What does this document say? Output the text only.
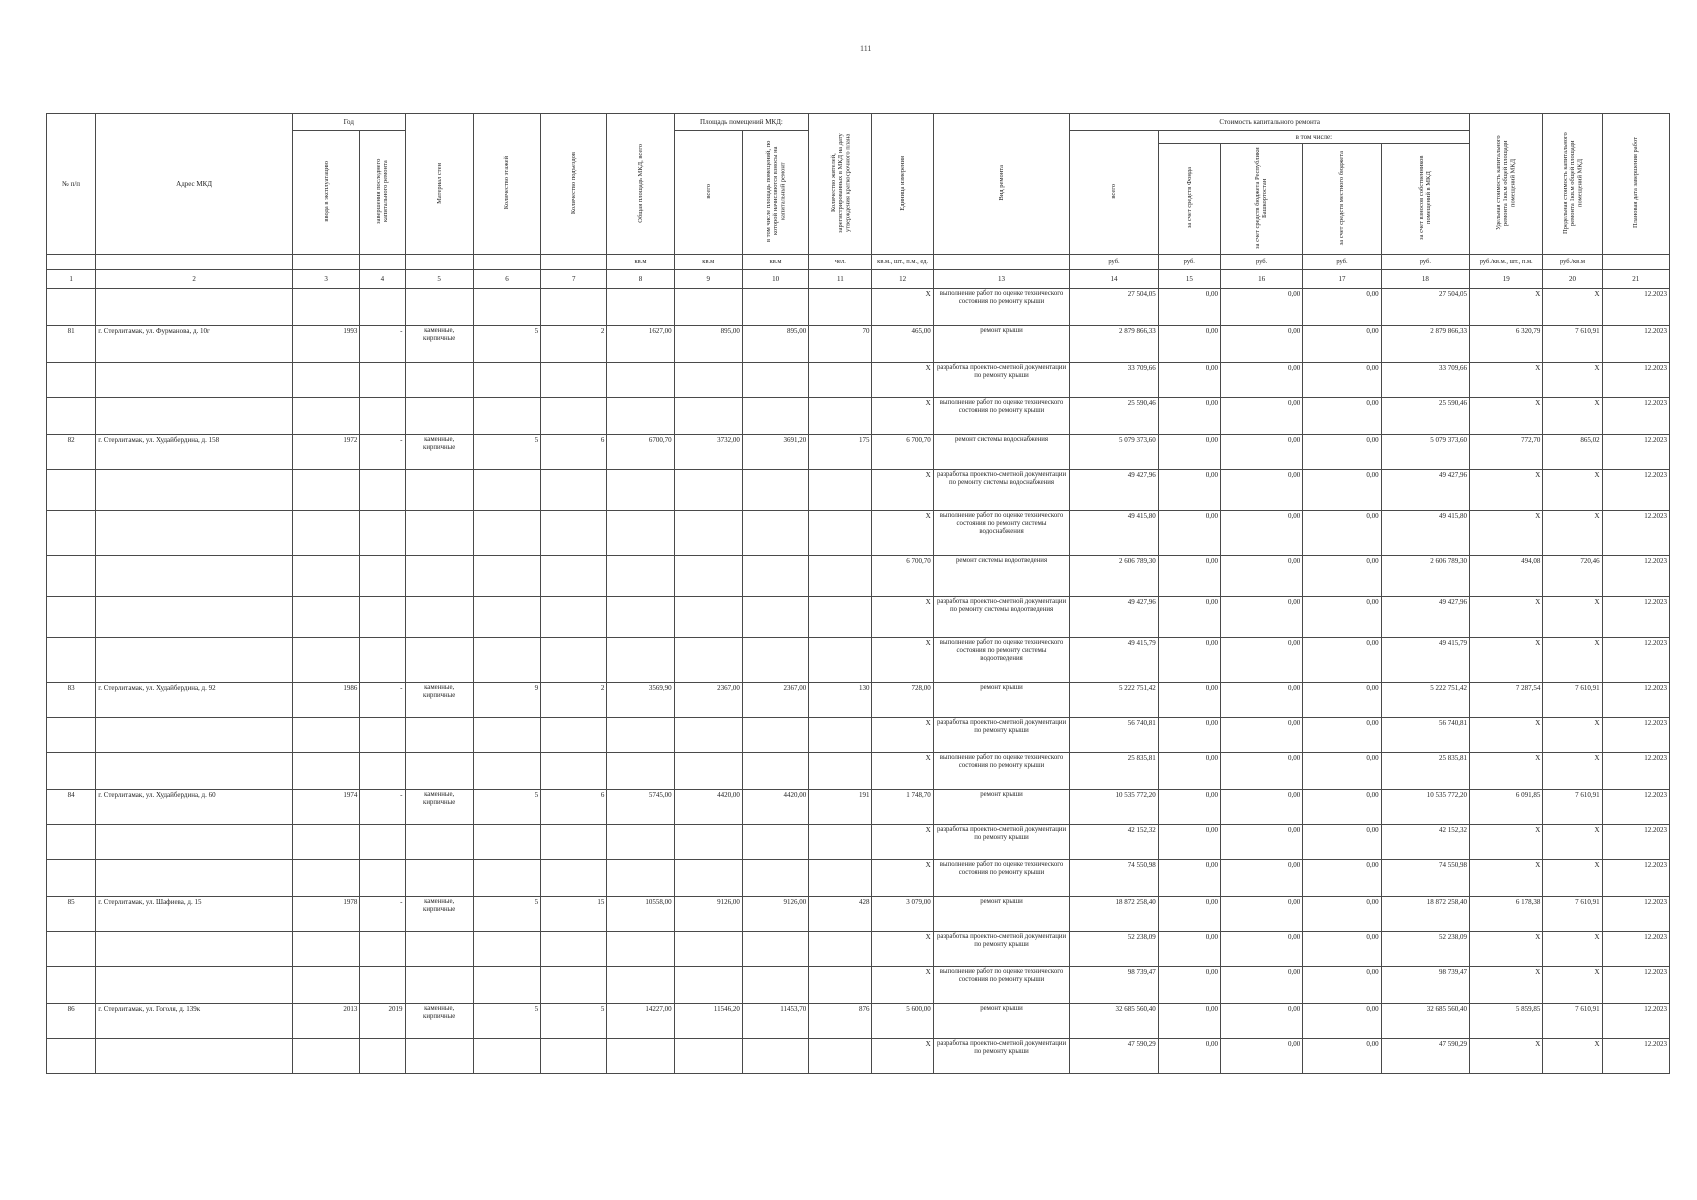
111
№ п/п	Адрес МКД	Год		Материал стен	Количество этажей	Количество подъездов	Общая площадь МКД, всего	Площадь помещений МКД:		Количество жителей, зарегистрированных в МКД на дату утверждения краткосрочного плана	Единица измерения	Вид ремонта	Стоимость капитального ремонта					Удельная стоимость капитального ремонта 1кв.м общей площади помещений МКД	Предельная стоимость капитального ремонта 1кв.м общей площади помещений МКД	Плановая дата завершения работ
		ввода в эксплуатацию	завершения последнего капитального ремонта					всего	в том числе площадь помещений, по которой начисляются взносы на капитальный ремонт				всего	в том числе:						
														за счет средств Фонда	за счет средств бюджета Республики Башкортостан	за счет средств местного бюджета	за счет взносов собственников помещений в МКД			
							кв.м	кв.м	кв.м	чел.	кв.м., шт., п.м., ед.		руб.	руб.	руб.	руб.	руб.	руб./кв.м., шт., п.м.	руб./кв.м	
1	2	3	4	5	6	7	8	9	10	11	12	13	14	15	16	17	18	19	20	21
											X	выполнение работ по оценке технического состояния по ремонту крыши	27 504,05	0,00	0,00	0,00	27 504,05	X	X	12.2023
81	г. Стерлитамак, ул. Фурманова, д. 10г	1993	-	каменные, кирпичные	5	2	1627,00	895,00	895,00	70	465,00	ремонт крыши	2 879 866,33	0,00	0,00	0,00	2 879 866,33	6 320,79	7 610,91	12.2023
											X	разработка проектно-сметной документации по ремонту крыши	33 709,66	0,00	0,00	0,00	33 709,66	X	X	12.2023
											X	выполнение работ по оценке технического состояния по ремонту крыши	25 590,46	0,00	0,00	0,00	25 590,46	X	X	12.2023
82	г. Стерлитамак, ул. Худайбердина, д. 158	1972	-	каменные, кирпичные	5	6	6700,70	3732,00	3691,20	175	6 700,70	ремонт системы водоснабжения	5 079 373,60	0,00	0,00	0,00	5 079 373,60	772,70	865,02	12.2023
											X	разработка проектно-сметной документации по ремонту системы водоснабжения	49 427,96	0,00	0,00	0,00	49 427,96	X	X	12.2023
											X	выполнение работ по оценке технического состояния по ремонту системы водоснабжения	49 415,80	0,00	0,00	0,00	49 415,80	X	X	12.2023
											6 700,70	ремонт системы водоотведения	2 606 789,30	0,00	0,00	0,00	2 606 789,30	494,08	720,46	12.2023
											X	разработка проектно-сметной документации по ремонту системы водоотведения	49 427,96	0,00	0,00	0,00	49 427,96	X	X	12.2023
											X	выполнение работ по оценке технического состояния по ремонту системы водоотведения	49 415,79	0,00	0,00	0,00	49 415,79	X	X	12.2023
83	г. Стерлитамак, ул. Худайбердина, д. 92	1986	-	каменные, кирпичные	9	2	3569,90	2367,00	2367,00	130	728,00	ремонт крыши	5 222 751,42	0,00	0,00	0,00	5 222 751,42	7 287,54	7 610,91	12.2023
											X	разработка проектно-сметной документации по ремонту крыши	56 740,81	0,00	0,00	0,00	56 740,81	X	X	12.2023
											X	выполнение работ по оценке технического состояния по ремонту крыши	25 835,81	0,00	0,00	0,00	25 835,81	X	X	12.2023
84	г. Стерлитамак, ул. Худайбердина, д. 60	1974	-	каменные, кирпичные	5	6	5745,00	4420,00	4420,00	191	1 748,70	ремонт крыши	10 535 772,20	0,00	0,00	0,00	10 535 772,20	6 091,85	7 610,91	12.2023
											X	разработка проектно-сметной документации по ремонту крыши	42 152,32	0,00	0,00	0,00	42 152,32	X	X	12.2023
											X	выполнение работ по оценке технического состояния по ремонту крыши	74 550,98	0,00	0,00	0,00	74 550,98	X	X	12.2023
85	г. Стерлитамак, ул. Шафиева, д. 15	1978	-	каменные, кирпичные	5	15	10558,00	9126,00	9126,00	428	3 079,00	ремонт крыши	18 872 258,40	0,00	0,00	0,00	18 872 258,40	6 178,38	7 610,91	12.2023
											X	разработка проектно-сметной документации по ремонту крыши	52 238,09	0,00	0,00	0,00	52 238,09	X	X	12.2023
											X	выполнение работ по оценке технического состояния по ремонту крыши	98 739,47	0,00	0,00	0,00	98 739,47	X	X	12.2023
86	г. Стерлитамак, ул. Гоголя, д. 139к	2013	2019	каменные, кирпичные	5	5	14227,00	11546,20	11453,70	876	5 600,00	ремонт крыши	32 685 560,40	0,00	0,00	0,00	32 685 560,40	5 859,85	7 610,91	12.2023
											X	разработка проектно-сметной документации по ремонту крыши	47 590,29	0,00	0,00	0,00	47 590,29	X	X	12.2023
